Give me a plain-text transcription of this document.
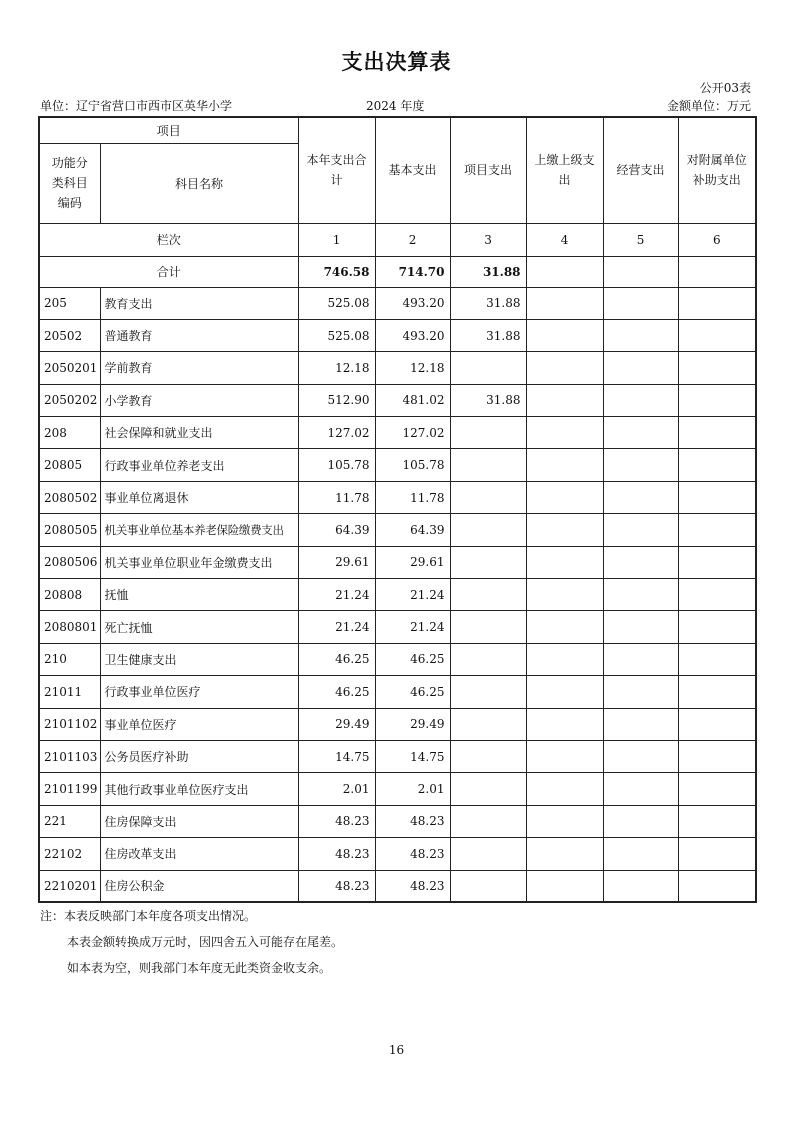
支出决算表
公开03表
单位：辽宁省营口市西市区英华小学	2024 年度	金额单位：万元
项目		本年支出合计	基本支出	项目支出	上缴上级支出	经营支出	对附属单位补助支出
功能分类科目编码	科目名称						
栏次		1	2	3	4	5	6
合计		746.58	714.70	31.88			
205	教育支出	525.08	493.20	31.88			
20502	普通教育	525.08	493.20	31.88			
2050201	学前教育	12.18	12.18				
2050202	小学教育	512.90	481.02	31.88			
208	社会保障和就业支出	127.02	127.02				
20805	行政事业单位养老支出	105.78	105.78				
2080502	事业单位离退休	11.78	11.78				
2080505	机关事业单位基本养老保险缴费支出	64.39	64.39				
2080506	机关事业单位职业年金缴费支出	29.61	29.61				
20808	抚恤	21.24	21.24				
2080801	死亡抚恤	21.24	21.24				
210	卫生健康支出	46.25	46.25				
21011	行政事业单位医疗	46.25	46.25				
2101102	事业单位医疗	29.49	29.49				
2101103	公务员医疗补助	14.75	14.75				
2101199	其他行政事业单位医疗支出	2.01	2.01				
221	住房保障支出	48.23	48.23				
22102	住房改革支出	48.23	48.23				
2210201	住房公积金	48.23	48.23				
注：本表反映部门本年度各项支出情况。
本表金额转换成万元时，因四舍五入可能存在尾差。
如本表为空，则我部门本年度无此类资金收支余。
16
